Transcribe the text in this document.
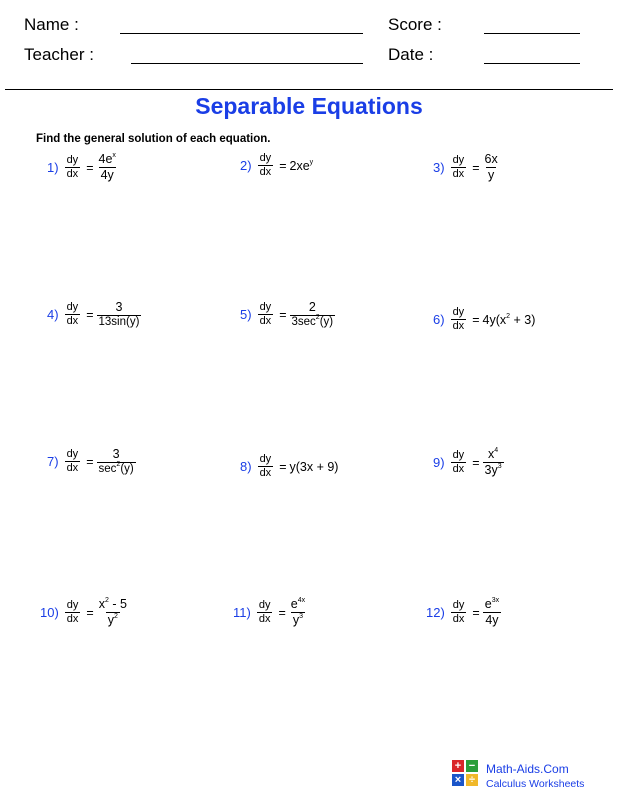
Name :	Score :
Teacher :	Date :
Separable Equations
Find the general solution of each equation.
$1) \frac{dy}{dx} = \frac{4e^x}{4y}$	$2) \frac{dy}{dx} = 2xe^y$	$3) \frac{dy}{dx} = \frac{6x}{y}$
$4) \frac{dy}{dx} = \frac{3}{13\sin(y)}$	$5) \frac{dy}{dx} = \frac{2}{3\sec^2(y)}$	$6) \frac{dy}{dx} = 4y(x^2 + 3)$
$7) \frac{dy}{dx} = \frac{3}{\sec^2(y)}$	$8) \frac{dy}{dx} = y(3x + 9)$	$9) \frac{dy}{dx} = \frac{x^4}{3y^3}$
$10) \frac{dy}{dx} = \frac{x^2 - 5}{y^2}$	$11) \frac{dy}{dx} = \frac{e^{4x}}{y^3}$	$12) \frac{dy}{dx} = \frac{e^{3x}}{4y}$
+ −
× ÷
Math-Aids.Com
Calculus Worksheets
